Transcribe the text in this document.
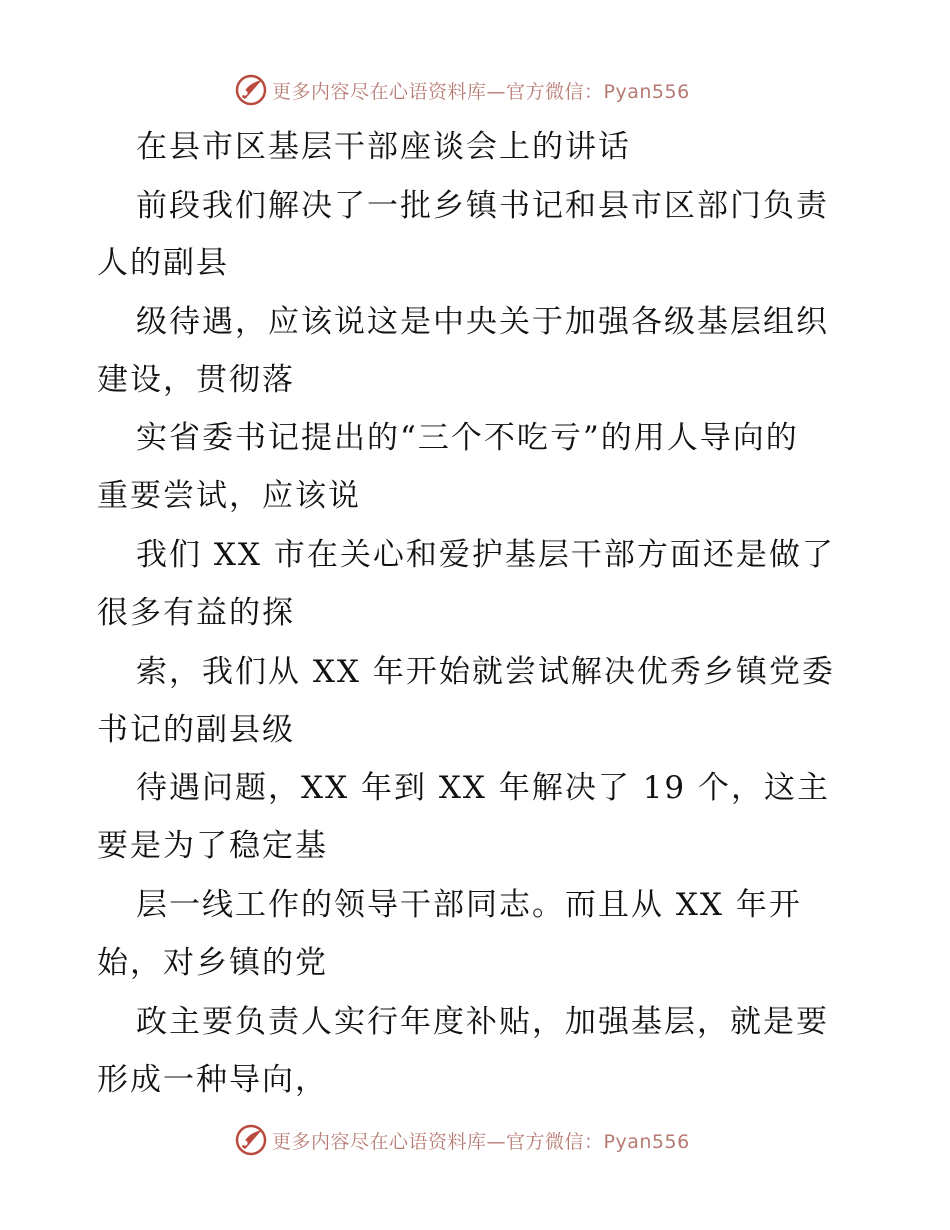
更多内容尽在心语资料库—官方微信：Pyan556
在县市区基层干部座谈会上的讲话
前段我们解决了一批乡镇书记和县市区部门负责
人的副县
级待遇，应该说这是中央关于加强各级基层组织
建设，贯彻落
实省委书记提出的“三个不吃亏”的用人导向的
重要尝试，应该说
我们 XX 市在关心和爱护基层干部方面还是做了
很多有益的探
索，我们从 XX 年开始就尝试解决优秀乡镇党委
书记的副县级
待遇问题，XX 年到 XX 年解决了 19 个，这主
要是为了稳定基
层一线工作的领导干部同志。而且从 XX 年开
始，对乡镇的党
政主要负责人实行年度补贴，加强基层，就是要
形成一种导向，
更多内容尽在心语资料库—官方微信：Pyan556
